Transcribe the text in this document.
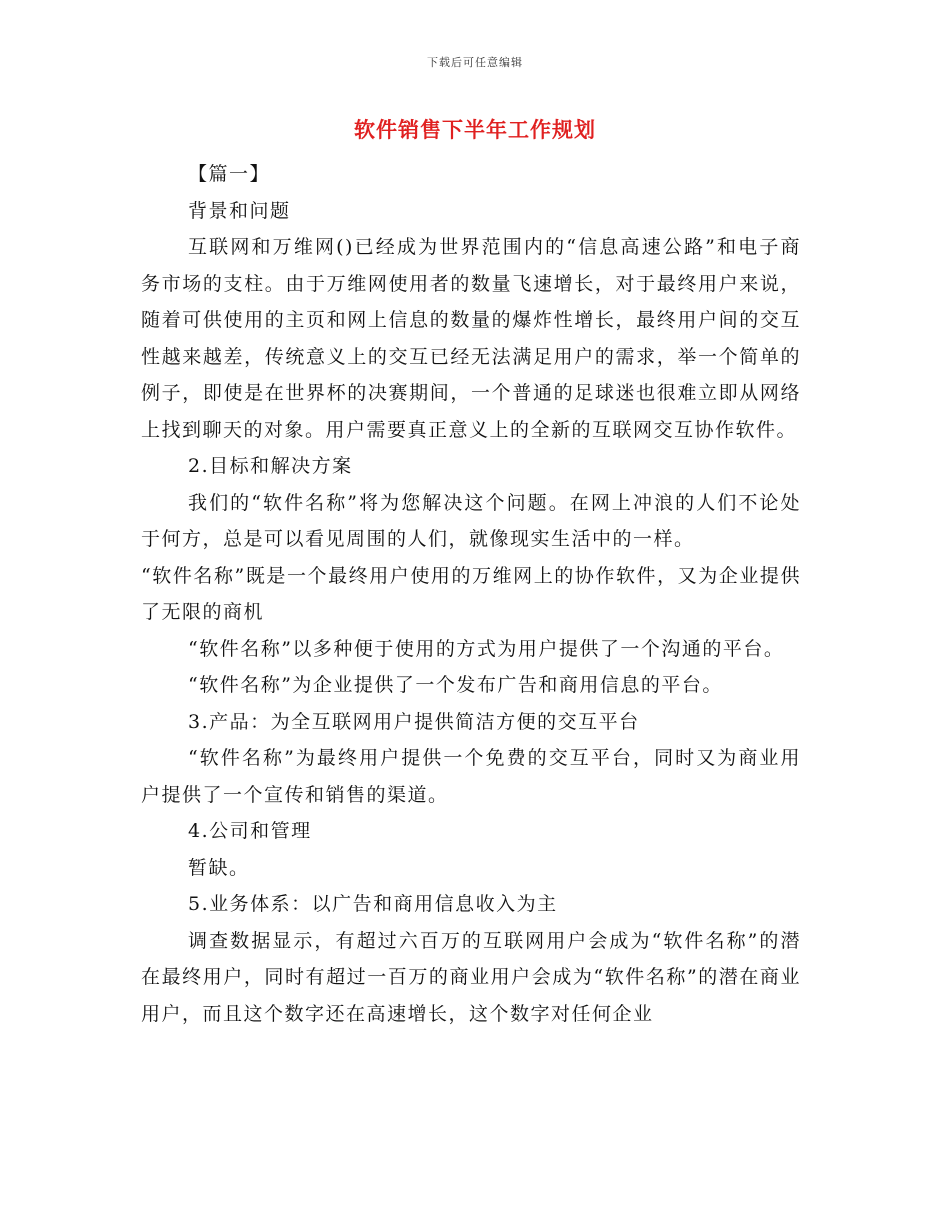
下载后可任意编辑
软件销售下半年工作规划

【篇一】

背景和问题

互联网和万维网()已经成为世界范围内的“信息高速公路”和电子商务市场的支柱。由于万维网使用者的数量飞速增长，对于最终用户来说，随着可供使用的主页和网上信息的数量的爆炸性增长，最终用户间的交互性越来越差，传统意义上的交互已经无法满足用户的需求，举一个简单的例子，即使是在世界杯的决赛期间，一个普通的足球迷也很难立即从网络上找到聊天的对象。用户需要真正意义上的全新的互联网交互协作软件。

2.目标和解决方案

我们的“软件名称”将为您解决这个问题。在网上冲浪的人们不论处于何方，总是可以看见周围的人们，就像现实生活中的一样。

“软件名称”既是一个最终用户使用的万维网上的协作软件，又为企业提供了无限的商机

“软件名称”以多种便于使用的方式为用户提供了一个沟通的平台。

“软件名称”为企业提供了一个发布广告和商用信息的平台。

3.产品：为全互联网用户提供简洁方便的交互平台

“软件名称”为最终用户提供一个免费的交互平台，同时又为商业用户提供了一个宣传和销售的渠道。

4.公司和管理

暂缺。

5.业务体系：以广告和商用信息收入为主

调查数据显示，有超过六百万的互联网用户会成为“软件名称”的潜在最终用户，同时有超过一百万的商业用户会成为“软件名称”的潜在商业用户，而且这个数字还在高速增长，这个数字对任何企业
